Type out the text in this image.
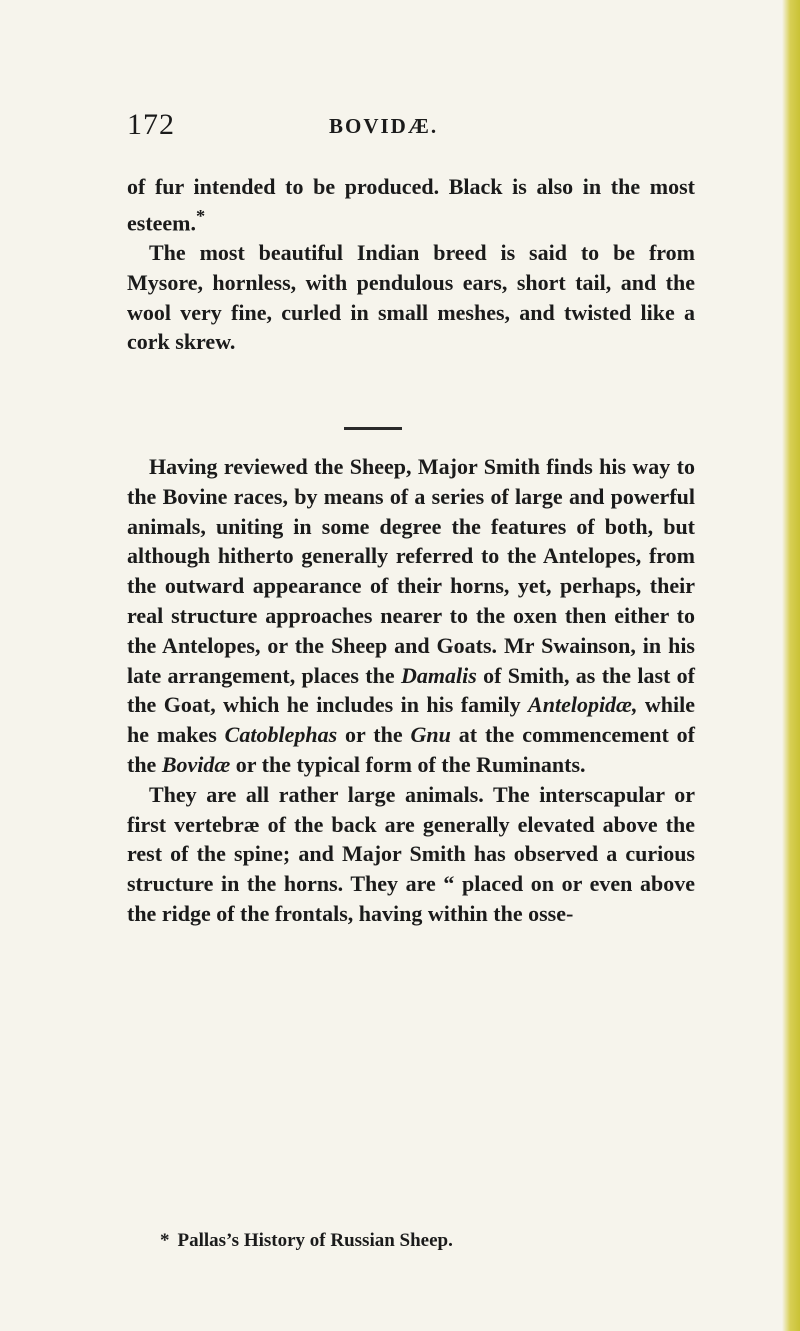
172	BOVIDÆ.

of fur intended to be produced. Black is also in the most esteem.*

The most beautiful Indian breed is said to be from Mysore, hornless, with pendulous ears, short tail, and the wool very fine, curled in small meshes, and twisted like a cork skrew.

Having reviewed the Sheep, Major Smith finds his way to the Bovine races, by means of a series of large and powerful animals, uniting in some degree the features of both, but although hitherto generally referred to the Antelopes, from the outward appearance of their horns, yet, perhaps, their real structure approaches nearer to the oxen then either to the Antelopes, or the Sheep and Goats. Mr Swainson, in his late arrangement, places the Damalis of Smith, as the last of the Goat, which he includes in his family Antelopidæ, while he makes Catoblephas or the Gnu at the commencement of the Bovidæ or the typical form of the Ruminants.

They are all rather large animals. The interscapular or first vertebræ of the back are generally elevated above the rest of the spine; and Major Smith has observed a curious structure in the horns. They are “ placed on or even above the ridge of the frontals, having within the osse-

* Pallas’s History of Russian Sheep.
